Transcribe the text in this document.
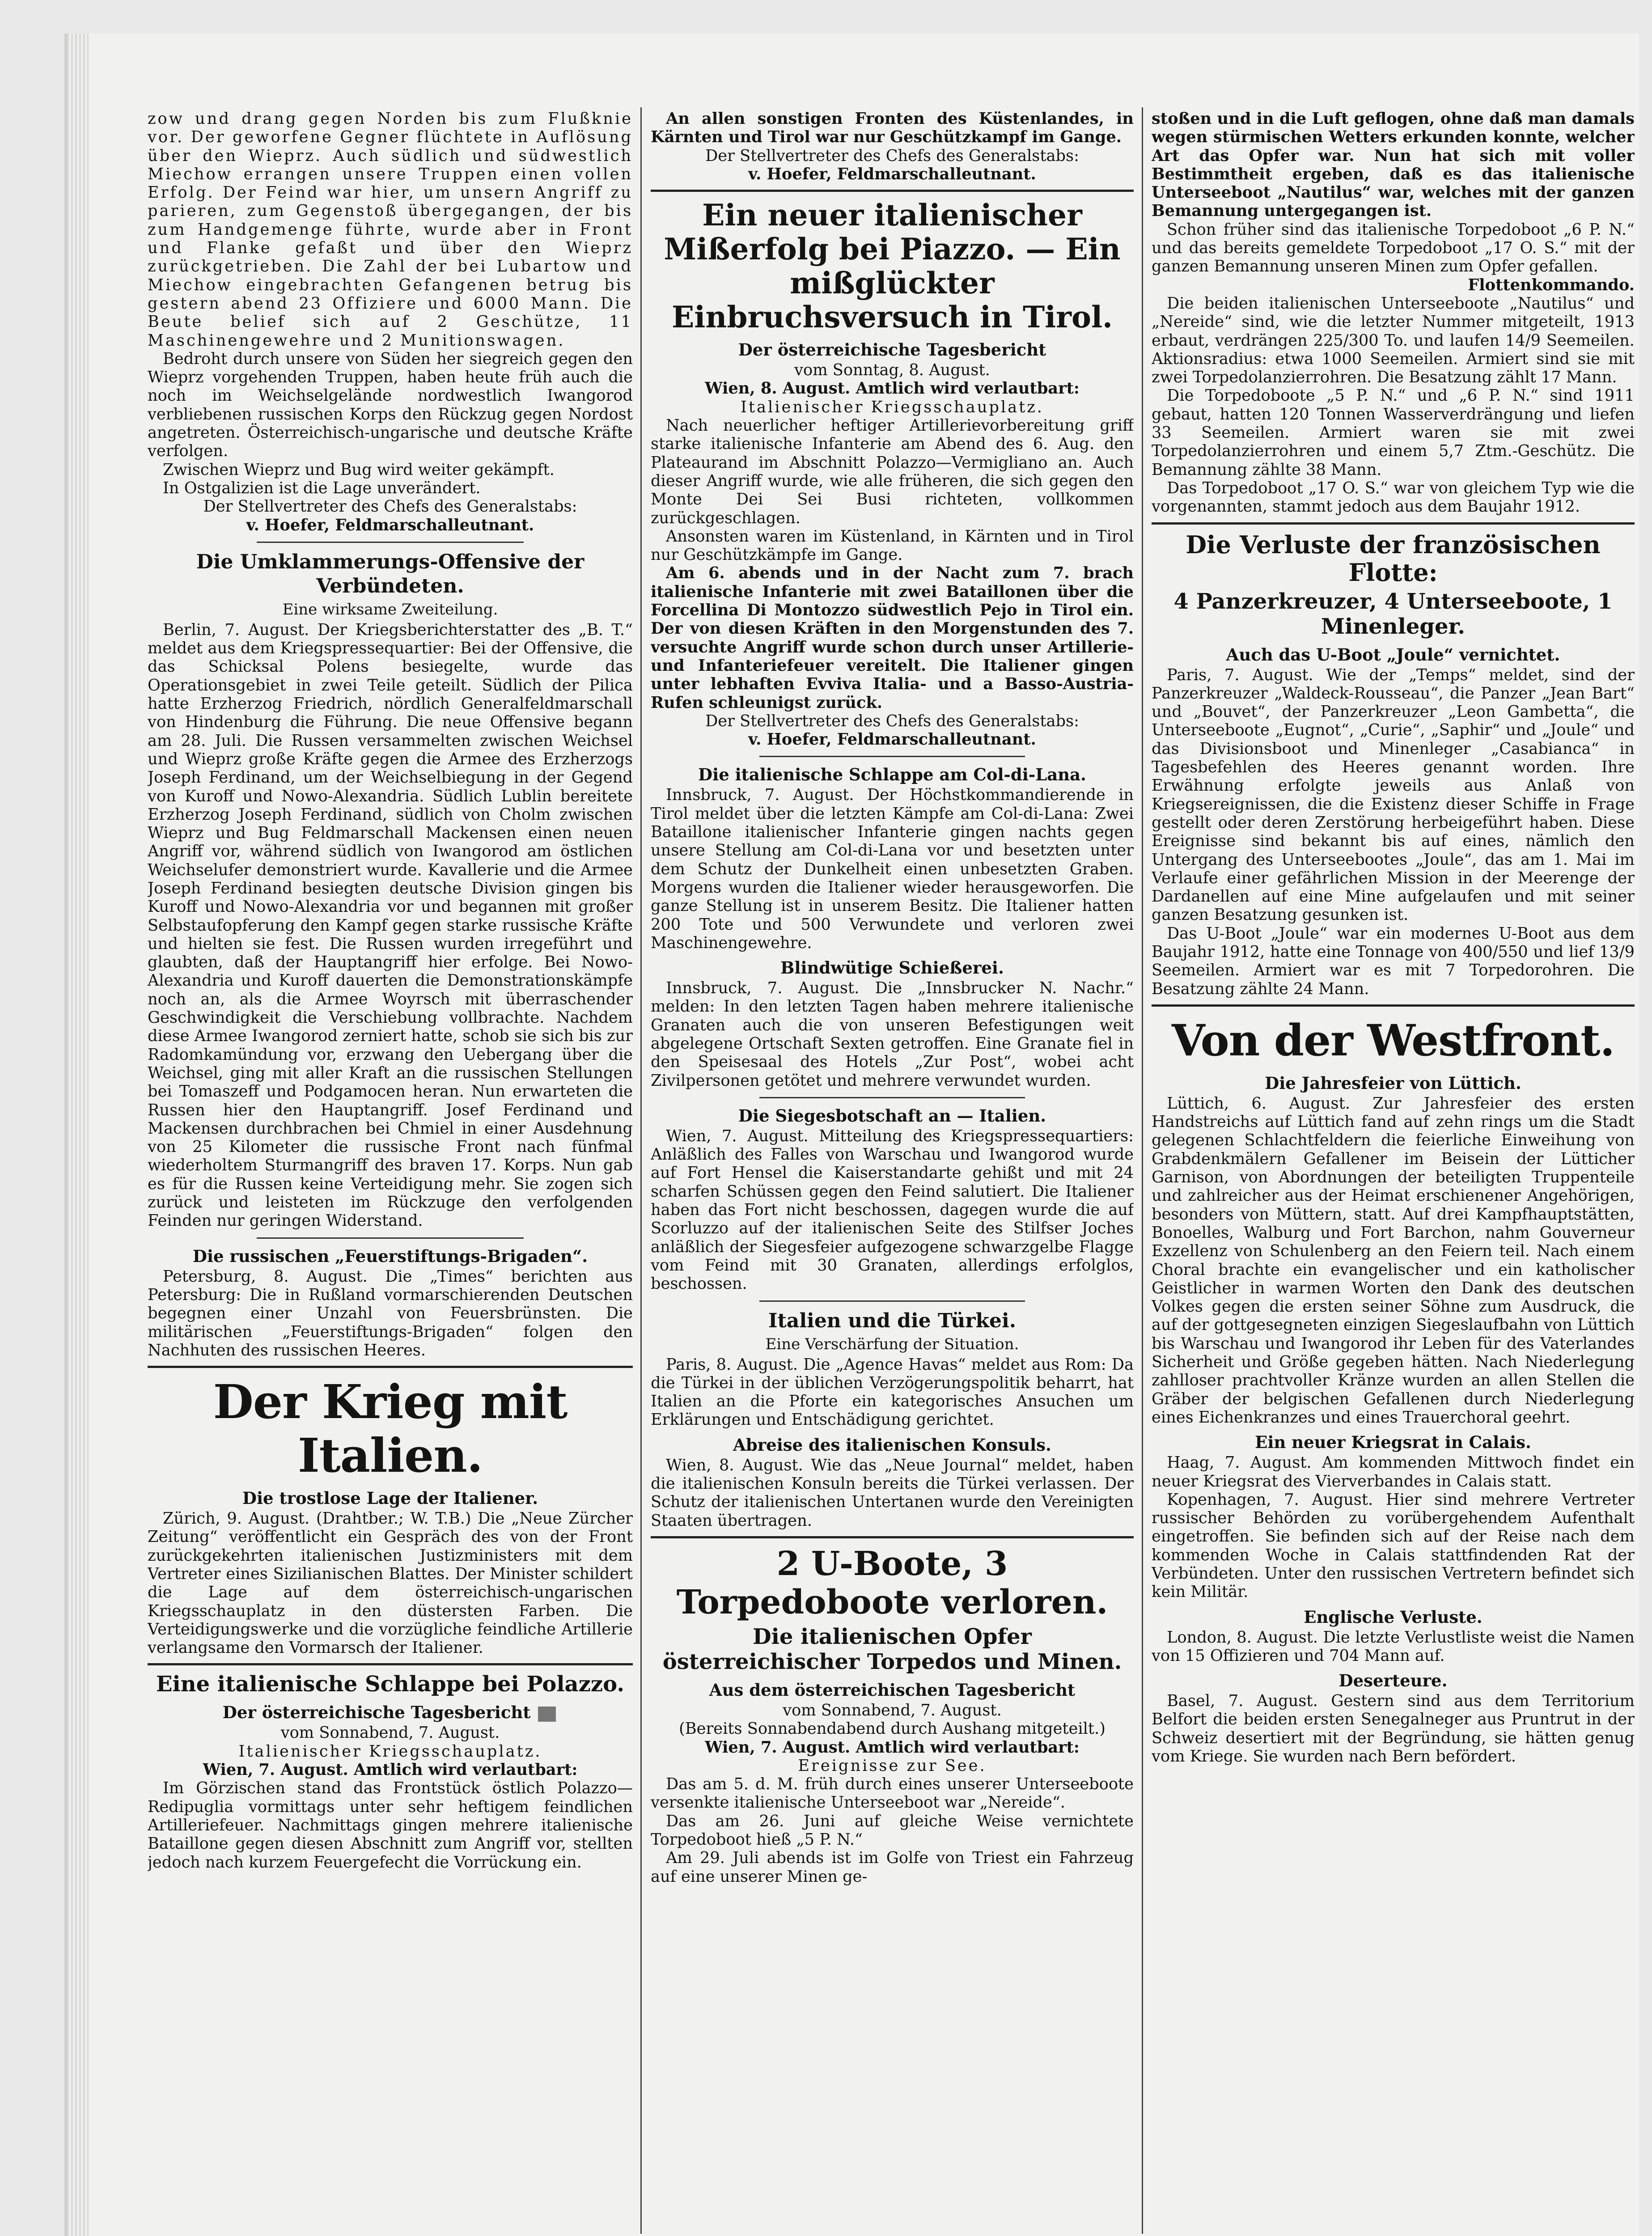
zow und drang gegen Norden bis zum Flußknie vor. Der geworfene Gegner flüchtete in Auflösung über den Wieprz. Auch südlich und südwestlich Miechow errangen unsere Truppen einen vollen Erfolg. Der Feind war hier, um unsern Angriff zu parieren, zum Gegenstoß übergegangen, der bis zum Handgemenge führte, wurde aber in Front und Flanke gefaßt und über den Wieprz zurückgetrieben. Die Zahl der bei Lubartow und Miechow eingebrachten Gefangenen betrug bis gestern abend 23 Offiziere und 6000 Mann. Die Beute belief sich auf 2 Geschütze, 11 Maschinengewehre und 2 Munitionswagen.

Bedroht durch unsere von Süden her siegreich gegen den Wieprz vorgehenden Truppen, haben heute früh auch die noch im Weichselgelände nordwestlich Iwangorod verbliebenen russischen Korps den Rückzug gegen Nordost angetreten. Österreichisch-ungarische und deutsche Kräfte verfolgen.

Zwischen Wieprz und Bug wird weiter gekämpft.

In Ostgalizien ist die Lage unverändert.

Der Stellvertreter des Chefs des Generalstabs:

v. Hoefer, Feldmarschalleutnant.

Die Umklammerungs-Offensive der Verbündeten.
Eine wirksame Zweiteilung.

Berlin, 7. August. Der Kriegsberichterstatter des „B. T.“ meldet aus dem Kriegspressequartier: Bei der Offensive, die das Schicksal Polens besiegelte, wurde das Operationsgebiet in zwei Teile geteilt. Südlich der Pilica hatte Erzherzog Friedrich, nördlich Generalfeldmarschall von Hindenburg die Führung. Die neue Offensive begann am 28. Juli. Die Russen versammelten zwischen Weichsel und Wieprz große Kräfte gegen die Armee des Erzherzogs Joseph Ferdinand, um der Weichselbiegung in der Gegend von Kuroff und Nowo-Alexandria. Südlich Lublin bereitete Erzherzog Joseph Ferdinand, südlich von Cholm zwischen Wieprz und Bug Feldmarschall Mackensen einen neuen Angriff vor, während südlich von Iwangorod am östlichen Weichselufer demonstriert wurde. Kavallerie und die Armee Joseph Ferdinand besiegten deutsche Division gingen bis Kuroff und Nowo-Alexandria vor und begannen mit großer Selbstaufopferung den Kampf gegen starke russische Kräfte und hielten sie fest. Die Russen wurden irregeführt und glaubten, daß der Hauptangriff hier erfolge. Bei Nowo-Alexandria und Kuroff dauerten die Demonstrationskämpfe noch an, als die Armee Woyrsch mit überraschender Geschwindigkeit die Verschiebung vollbrachte. Nachdem diese Armee Iwangorod zerniert hatte, schob sie sich bis zur Radomkamündung vor, erzwang den Uebergang über die Weichsel, ging mit aller Kraft an die russischen Stellungen bei Tomaszeff und Podgamocen heran. Nun erwarteten die Russen hier den Hauptangriff. Josef Ferdinand und Mackensen durchbrachen bei Chmiel in einer Ausdehnung von 25 Kilometer die russische Front nach fünfmal wiederholtem Sturmangriff des braven 17. Korps. Nun gab es für die Russen keine Verteidigung mehr. Sie zogen sich zurück und leisteten im Rückzuge den verfolgenden Feinden nur geringen Widerstand.

Die russischen „Feuerstiftungs-Brigaden“.

Petersburg, 8. August. Die „Times“ berichten aus Petersburg: Die in Rußland vormarschierenden Deutschen begegnen einer Unzahl von Feuersbrünsten. Die militärischen „Feuerstiftungs-Brigaden“ folgen den Nachhuten des russischen Heeres.

Der Krieg mit Italien.
Die trostlose Lage der Italiener.

Zürich, 9. August. (Drahtber.; W. T.B.) Die „Neue Zürcher Zeitung“ veröffentlicht ein Gespräch des von der Front zurückgekehrten italienischen Justizministers mit dem Vertreter eines Sizilianischen Blattes. Der Minister schildert die Lage auf dem österreichisch-ungarischen Kriegsschauplatz in den düstersten Farben. Die Verteidigungswerke und die vorzügliche feindliche Artillerie verlangsame den Vormarsch der Italiener.

Eine italienische Schlappe bei Polazzo.
Der österreichische Tagesbericht

vom Sonnabend, 7. August.

Italienischer Kriegsschauplatz.

Wien, 7. August. Amtlich wird verlautbart:

Im Görzischen stand das Frontstück östlich Polazzo—Redipuglia vormittags unter sehr heftigem feindlichen Artilleriefeuer. Nachmittags gingen mehrere italienische Bataillone gegen diesen Abschnitt zum Angriff vor, stellten jedoch nach kurzem Feuergefecht die Vorrückung ein.

An allen sonstigen Fronten des Küstenlandes, in Kärnten und Tirol war nur Geschützkampf im Gange.

Der Stellvertreter des Chefs des Generalstabs:

v. Hoefer, Feldmarschalleutnant.

Ein neuer italienischer Mißerfolg bei Piazzo. — Ein mißglückter Einbruchsversuch in Tirol.
Der österreichische Tagesbericht

vom Sonntag, 8. August.

Wien, 8. August. Amtlich wird verlautbart:

Italienischer Kriegsschauplatz.

Nach neuerlicher heftiger Artillerievorbereitung griff starke italienische Infanterie am Abend des 6. Aug. den Plateaurand im Abschnitt Polazzo—Vermigliano an. Auch dieser Angriff wurde, wie alle früheren, die sich gegen den Monte Dei Sei Busi richteten, vollkommen zurückgeschlagen.

Ansonsten waren im Küstenland, in Kärnten und in Tirol nur Geschützkämpfe im Gange.

Am 6. abends und in der Nacht zum 7. brach italienische Infanterie mit zwei Bataillonen über die Forcellina Di Montozzo südwestlich Pejo in Tirol ein. Der von diesen Kräften in den Morgenstunden des 7. versuchte Angriff wurde schon durch unser Artillerie- und Infanteriefeuer vereitelt. Die Italiener gingen unter lebhaften Evviva Italia- und a Basso-Austria-Rufen schleunigst zurück.

Der Stellvertreter des Chefs des Generalstabs:

v. Hoefer, Feldmarschalleutnant.

Die italienische Schlappe am Col-di-Lana.

Innsbruck, 7. August. Der Höchstkommandierende in Tirol meldet über die letzten Kämpfe am Col-di-Lana: Zwei Bataillone italienischer Infanterie gingen nachts gegen unsere Stellung am Col-di-Lana vor und besetzten unter dem Schutz der Dunkelheit einen unbesetzten Graben. Morgens wurden die Italiener wieder herausgeworfen. Die ganze Stellung ist in unserem Besitz. Die Italiener hatten 200 Tote und 500 Verwundete und verloren zwei Maschinengewehre.

Blindwütige Schießerei.

Innsbruck, 7. August. Die „Innsbrucker N. Nachr.“ melden: In den letzten Tagen haben mehrere italienische Granaten auch die von unseren Befestigungen weit abgelegene Ortschaft Sexten getroffen. Eine Granate fiel in den Speisesaal des Hotels „Zur Post“, wobei acht Zivilpersonen getötet und mehrere verwundet wurden.

Die Siegesbotschaft an — Italien.

Wien, 7. August. Mitteilung des Kriegspressequartiers: Anläßlich des Falles von Warschau und Iwangorod wurde auf Fort Hensel die Kaiserstandarte gehißt und mit 24 scharfen Schüssen gegen den Feind salutiert. Die Italiener haben das Fort nicht beschossen, dagegen wurde die auf Scorluzzo auf der italienischen Seite des Stilfser Joches anläßlich der Siegesfeier aufgezogene schwarzgelbe Flagge vom Feind mit 30 Granaten, allerdings erfolglos, beschossen.

Italien und die Türkei.
Eine Verschärfung der Situation.

Paris, 8. August. Die „Agence Havas“ meldet aus Rom: Da die Türkei in der üblichen Verzögerungspolitik beharrt, hat Italien an die Pforte ein kategorisches Ansuchen um Erklärungen und Entschädigung gerichtet.

Abreise des italienischen Konsuls.

Wien, 8. August. Wie das „Neue Journal“ meldet, haben die italienischen Konsuln bereits die Türkei verlassen. Der Schutz der italienischen Untertanen wurde den Vereinigten Staaten übertragen.

2 U-Boote, 3 Torpedoboote verloren.
Die italienischen Opfer österreichischer Torpedos und Minen.
Aus dem österreichischen Tagesbericht

vom Sonnabend, 7. August.

(Bereits Sonnabendabend durch Aushang mitgeteilt.)

Wien, 7. August. Amtlich wird verlautbart:

Ereignisse zur See.

Das am 5. d. M. früh durch eines unserer Unterseeboote versenkte italienische Unterseeboot war „Nereide“.

Das am 26. Juni auf gleiche Weise vernichtete Torpedoboot hieß „5 P. N.“

Am 29. Juli abends ist im Golfe von Triest ein Fahrzeug auf eine unserer Minen ge-

stoßen und in die Luft geflogen, ohne daß man damals wegen stürmischen Wetters erkunden konnte, welcher Art das Opfer war. Nun hat sich mit voller Bestimmtheit ergeben, daß es das italienische Unterseeboot „Nautilus“ war, welches mit der ganzen Bemannung untergegangen ist.

Schon früher sind das italienische Torpedoboot „6 P. N.“ und das bereits gemeldete Torpedoboot „17 O. S.“ mit der ganzen Bemannung unseren Minen zum Opfer gefallen.

Flottenkommando.

Die beiden italienischen Unterseeboote „Nautilus“ und „Nereide“ sind, wie die letzter Nummer mitgeteilt, 1913 erbaut, verdrängen 225/300 To. und laufen 14/9 Seemeilen. Aktionsradius: etwa 1000 Seemeilen. Armiert sind sie mit zwei Torpedolanzierrohren. Die Besatzung zählt 17 Mann.

Die Torpedoboote „5 P. N.“ und „6 P. N.“ sind 1911 gebaut, hatten 120 Tonnen Wasserverdrängung und liefen 33 Seemeilen. Armiert waren sie mit zwei Torpedolanzierrohren und einem 5,7 Ztm.-Geschütz. Die Bemannung zählte 38 Mann.

Das Torpedoboot „17 O. S.“ war von gleichem Typ wie die vorgenannten, stammt jedoch aus dem Baujahr 1912.

Die Verluste der französischen Flotte:
4 Panzerkreuzer, 4 Unterseeboote, 1 Minenleger.
Auch das U-Boot „Joule“ vernichtet.

Paris, 7. August. Wie der „Temps“ meldet, sind der Panzerkreuzer „Waldeck-Rousseau“, die Panzer „Jean Bart“ und „Bouvet“, der Panzerkreuzer „Leon Gambetta“, die Unterseeboote „Eugnot“, „Curie“, „Saphir“ und „Joule“ und das Divisionsboot und Minenleger „Casabianca“ in Tagesbefehlen des Heeres genannt worden. Ihre Erwähnung erfolgte jeweils aus Anlaß von Kriegsereignissen, die die Existenz dieser Schiffe in Frage gestellt oder deren Zerstörung herbeigeführt haben. Diese Ereignisse sind bekannt bis auf eines, nämlich den Untergang des Unterseebootes „Joule“, das am 1. Mai im Verlaufe einer gefährlichen Mission in der Meerenge der Dardanellen auf eine Mine aufgelaufen und mit seiner ganzen Besatzung gesunken ist.

Das U-Boot „Joule“ war ein modernes U-Boot aus dem Baujahr 1912, hatte eine Tonnage von 400/550 und lief 13/9 Seemeilen. Armiert war es mit 7 Torpedorohren. Die Besatzung zählte 24 Mann.

Von der Westfront.
Die Jahresfeier von Lüttich.

Lüttich, 6. August. Zur Jahresfeier des ersten Handstreichs auf Lüttich fand auf zehn rings um die Stadt gelegenen Schlachtfeldern die feierliche Einweihung von Grabdenkmälern Gefallener im Beisein der Lütticher Garnison, von Abordnungen der beteiligten Truppenteile und zahlreicher aus der Heimat erschienener Angehörigen, besonders von Müttern, statt. Auf drei Kampfhauptstätten, Bonoelles, Walburg und Fort Barchon, nahm Gouverneur Exzellenz von Schulenberg an den Feiern teil. Nach einem Choral brachte ein evangelischer und ein katholischer Geistlicher in warmen Worten den Dank des deutschen Volkes gegen die ersten seiner Söhne zum Ausdruck, die auf der gottgesegneten einzigen Siegeslaufbahn von Lüttich bis Warschau und Iwangorod ihr Leben für des Vaterlandes Sicherheit und Größe gegeben hätten. Nach Niederlegung zahlloser prachtvoller Kränze wurden an allen Stellen die Gräber der belgischen Gefallenen durch Niederlegung eines Eichenkranzes und eines Trauerchoral geehrt.

Ein neuer Kriegsrat in Calais.

Haag, 7. August. Am kommenden Mittwoch findet ein neuer Kriegsrat des Vierverbandes in Calais statt.

Kopenhagen, 7. August. Hier sind mehrere Vertreter russischer Behörden zu vorübergehendem Aufenthalt eingetroffen. Sie befinden sich auf der Reise nach dem kommenden Woche in Calais stattfindenden Rat der Verbündeten. Unter den russischen Vertretern befindet sich kein Militär.

Englische Verluste.

London, 8. August. Die letzte Verlustliste weist die Namen von 15 Offizieren und 704 Mann auf.

Deserteure.

Basel, 7. August. Gestern sind aus dem Territorium Belfort die beiden ersten Senegalneger aus Pruntrut in der Schweiz desertiert mit der Begründung, sie hätten genug vom Kriege. Sie wurden nach Bern befördert.
